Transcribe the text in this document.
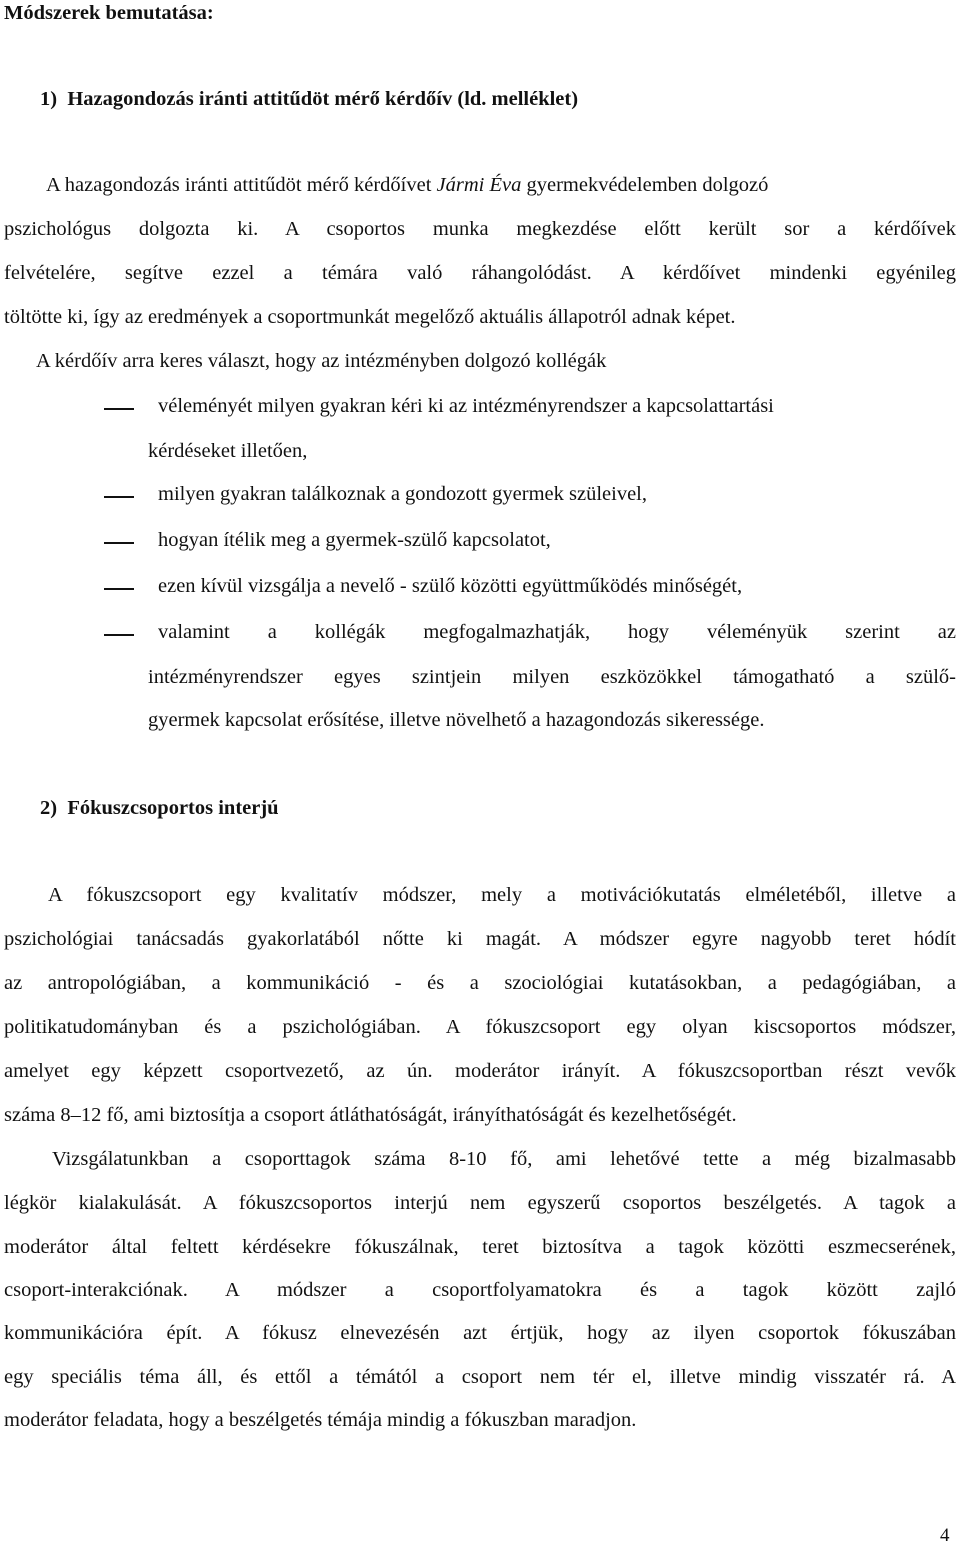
Módszerek bemutatása:
1)  Hazagondozás iránti attitűdöt mérő kérdőív (ld. melléklet)
A hazagondozás iránti attitűdöt mérő kérdőívet Jármi Éva gyermekvédelemben dolgozó
pszichológus dolgozta ki. A csoportos munka megkezdése előtt került sor a kérdőívek
felvételére, segítve ezzel a témára való ráhangolódást. A kérdőívet mindenki egyénileg
töltötte ki, így az eredmények a csoportmunkát megelőző aktuális állapotról adnak képet.
A kérdőív arra keres választ, hogy az intézményben dolgozó kollégák
véleményét milyen gyakran kéri ki az intézményrendszer a kapcsolattartási
kérdéseket illetően,
milyen gyakran találkoznak a gondozott gyermek szüleivel,
hogyan ítélik meg a gyermek-szülő kapcsolatot,
ezen kívül vizsgálja a nevelő - szülő közötti együttműködés minőségét,
valamint a kollégák megfogalmazhatják, hogy véleményük szerint az
intézményrendszer egyes szintjein milyen eszközökkel támogatható a szülő-
gyermek kapcsolat erősítése, illetve növelhető a hazagondozás sikeressége.
2)  Fókuszcsoportos interjú
A fókuszcsoport egy kvalitatív módszer, mely a motivációkutatás elméletéből, illetve a
pszichológiai tanácsadás gyakorlatából nőtte ki magát. A módszer egyre nagyobb teret hódít
az antropológiában, a kommunikáció - és a szociológiai kutatásokban, a pedagógiában, a
politikatudományban és a pszichológiában. A fókuszcsoport egy olyan kiscsoportos módszer,
amelyet egy képzett csoportvezető, az ún. moderátor irányít. A fókuszcsoportban részt vevők
száma 8–12 fő, ami biztosítja a csoport átláthatóságát, irányíthatóságát és kezelhetőségét.
Vizsgálatunkban a csoporttagok száma 8-10 fő, ami lehetővé tette a még bizalmasabb
légkör kialakulását. A fókuszcsoportos interjú nem egyszerű csoportos beszélgetés. A tagok a
moderátor által feltett kérdésekre fókuszálnak, teret biztosítva a tagok közötti eszmecserének,
csoport-interakciónak. A módszer a csoportfolyamatokra és a tagok között zajló
kommunikációra épít. A fókusz elnevezésén azt értjük, hogy az ilyen csoportok fókuszában
egy speciális téma áll, és ettől a témától a csoport nem tér el, illetve mindig visszatér rá. A
moderátor feladata, hogy a beszélgetés témája mindig a fókuszban maradjon.
4
